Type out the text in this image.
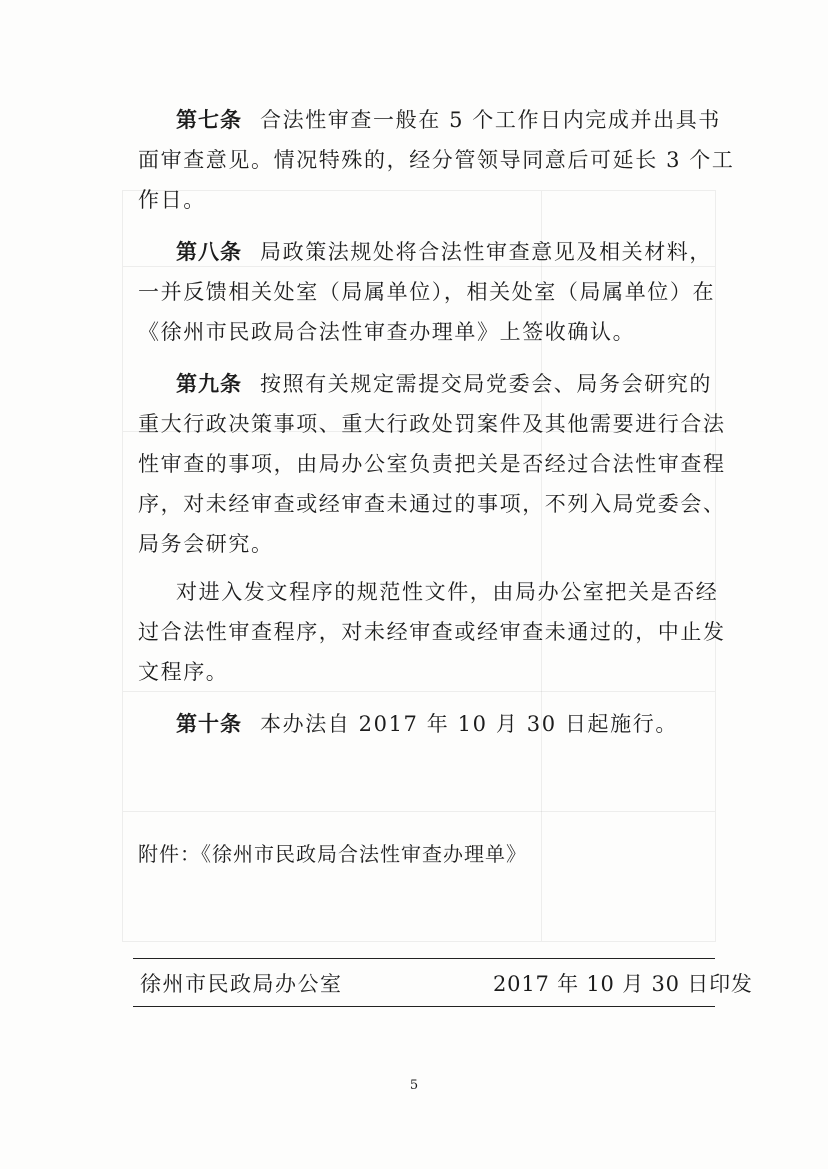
第七条 合法性审查一般在 5 个工作日内完成并出具书
面审查意见。情况特殊的，经分管领导同意后可延长 3 个工
作日。
第八条 局政策法规处将合法性审查意见及相关材料，
一并反馈相关处室（局属单位），相关处室（局属单位）在
《徐州市民政局合法性审查办理单》上签收确认。
第九条 按照有关规定需提交局党委会、局务会研究的
重大行政决策事项、重大行政处罚案件及其他需要进行合法
性审查的事项，由局办公室负责把关是否经过合法性审查程
序，对未经审查或经审查未通过的事项，不列入局党委会、
局务会研究。
对进入发文程序的规范性文件，由局办公室把关是否经
过合法性审查程序，对未经审查或经审查未通过的，中止发
文程序。
第十条 本办法自 2017 年 10 月 30 日起施行。
附件：《徐州市民政局合法性审查办理单》
徐州市民政局办公室	2017 年 10 月 30 日印发
5
